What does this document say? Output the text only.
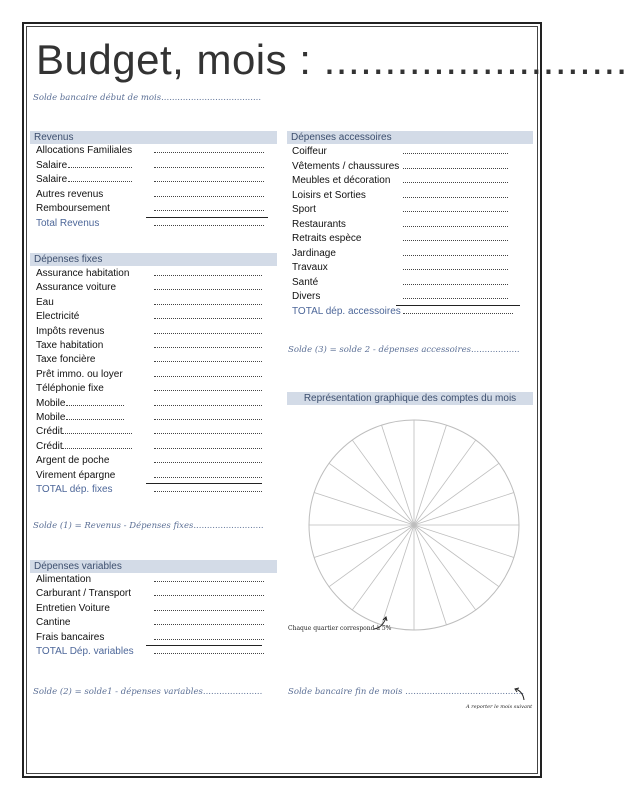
Budget, mois : .........................
Solde bancaire début de mois.....................................
Revenus
Allocations Familiales
Salaire
Salaire
Autres revenus
Remboursement
Total Revenus
Dépenses fixes
Assurance habitation
Assurance voiture
Eau
Electricité
Impôts revenus
Taxe habitation
Taxe foncière
Prêt immo. ou loyer
Téléphonie fixe
Mobile
Mobile
Crédit
Crédit
Argent de poche
Virement épargne
TOTAL dép. fixes
Solde (1) = Revenus - Dépenses fixes..........................
Dépenses variables
Alimentation
Carburant / Transport
Entretien Voiture
Cantine
Frais bancaires
TOTAL Dép. variables
Solde (2) = solde1 - dépenses variables......................
Dépenses accessoires
Coiffeur
Vêtements / chaussures
Meubles et décoration
Loisirs et Sorties
Sport
Restaurants
Retraits espèce
Jardinage
Travaux
Santé
Divers
TOTAL dép. accessoires
Solde (3) = solde 2 - dépenses accessoires..................
Représentation graphique des comptes du mois
Chaque quartier correspond à 5%
Solde bancaire fin de mois ............................................
A reporter le mois suivant
